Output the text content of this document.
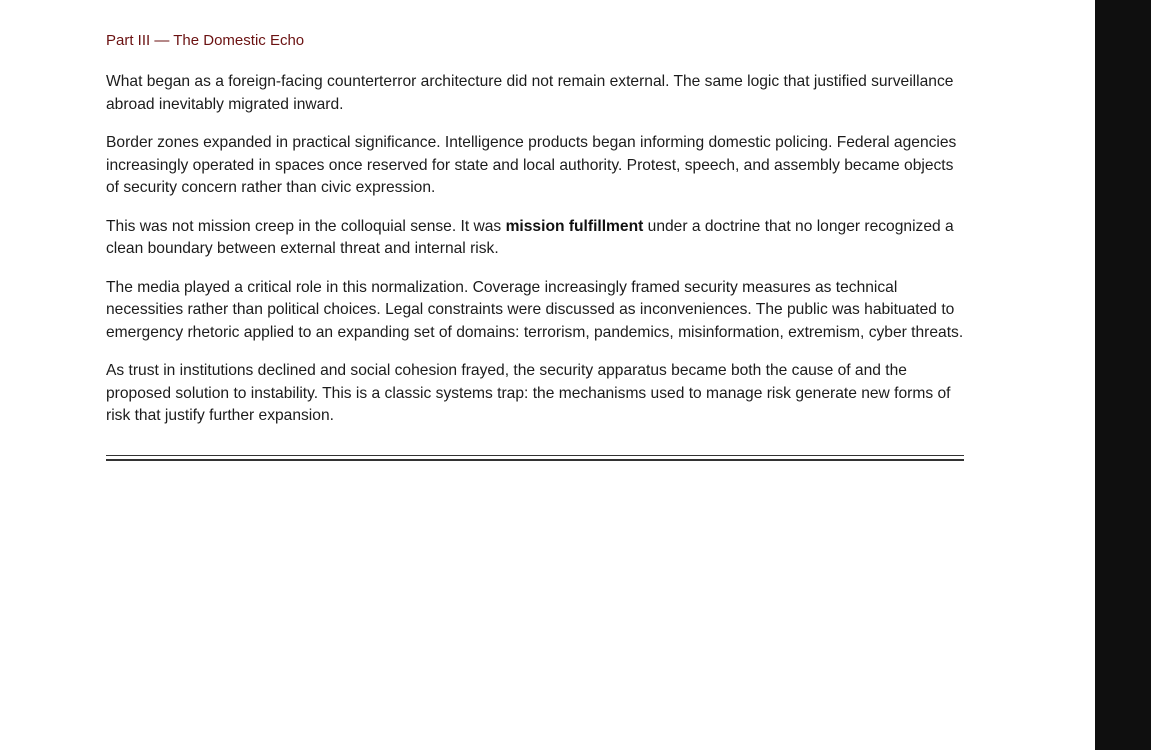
Part III — The Domestic Echo

What began as a foreign-facing counterterror architecture did not remain external. The same logic that justified surveillance abroad inevitably migrated inward.

Border zones expanded in practical significance. Intelligence products began informing domestic policing. Federal agencies increasingly operated in spaces once reserved for state and local authority. Protest, speech, and assembly became objects of security concern rather than civic expression.

This was not mission creep in the colloquial sense. It was mission fulfillment under a doctrine that no longer recognized a clean boundary between external threat and internal risk.

The media played a critical role in this normalization. Coverage increasingly framed security measures as technical necessities rather than political choices. Legal constraints were discussed as inconveniences. The public was habituated to emergency rhetoric applied to an expanding set of domains: terrorism, pandemics, misinformation, extremism, cyber threats.

As trust in institutions declined and social cohesion frayed, the security apparatus became both the cause of and the proposed solution to instability. This is a classic systems trap: the mechanisms used to manage risk generate new forms of risk that justify further expansion.
